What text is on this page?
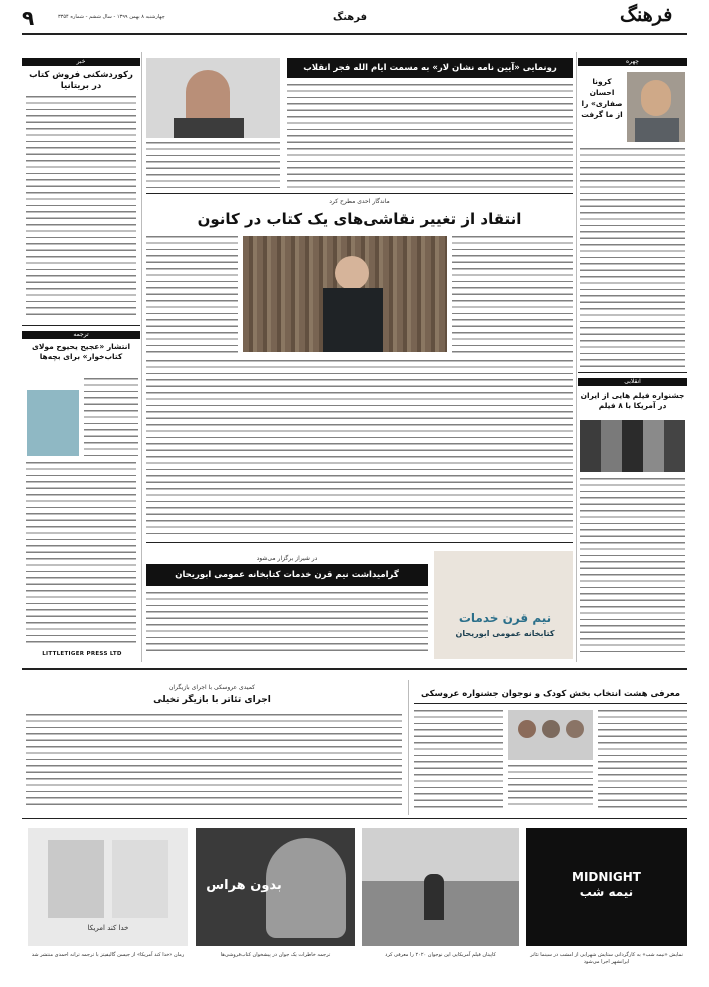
۹	چهارشنبه ۸ بهمن ۱۳۹۹ - سال ششم - شماره ۳۳۵۴	فرهنگ	فرهنگ
خبر
رکوردشکنی فروش کتاب در بریتانیا
ترجمه
انتشار «عجیح یحیوح مولای کتاب‌خوار» برای بچه‌ها
LITTLETIGER PRESS LTD
رونمایی «آیین نامه نشان لار» به مسمت ایام الله فجر انقلاب
چهره
کرونا احسان صفاری» را از ما گرفت
انقلابی
جشنواره فیلم هایی از ایران در آمریکا با ۸ فیلم
ماندگار احدی مطرح کرد
انتقاد از تغییر نقاشی‌های یک کتاب در کانون
در شیراز برگزار می‌شود
گرامیداشت نیم قرن خدمات کتابخانه عمومی ابوریحان
نیم قرن خدمات
کتابخانه عمومی ابوریحان
معرفی هشت انتخاب بخش کودک و نوجوان جشنواره عروسکی
کمیدی عروسکی با اجرای بازیگران
اجرای تئاتر با بازیگر تخیلی
MIDNIGHT
نیمه شب
بدون هراس
خدا کند امریکا
نمایش «نیمه شب» به کارگردانی ستایش شهرابی از امشب در سینما تئاتر ایرانشهر اجرا می‌شود
کاپیتان فیلم آمریکایی این نوجوان ۲۰۲۰ را معرفی کرد
ترجمه خاطرات یک جوان در پیشخوان کتاب‌فروشی‌ها
رمان «خدا کند آمریکا» از جیسن گالیفیتز با ترجمه ترانه احمدی منتشر شد
